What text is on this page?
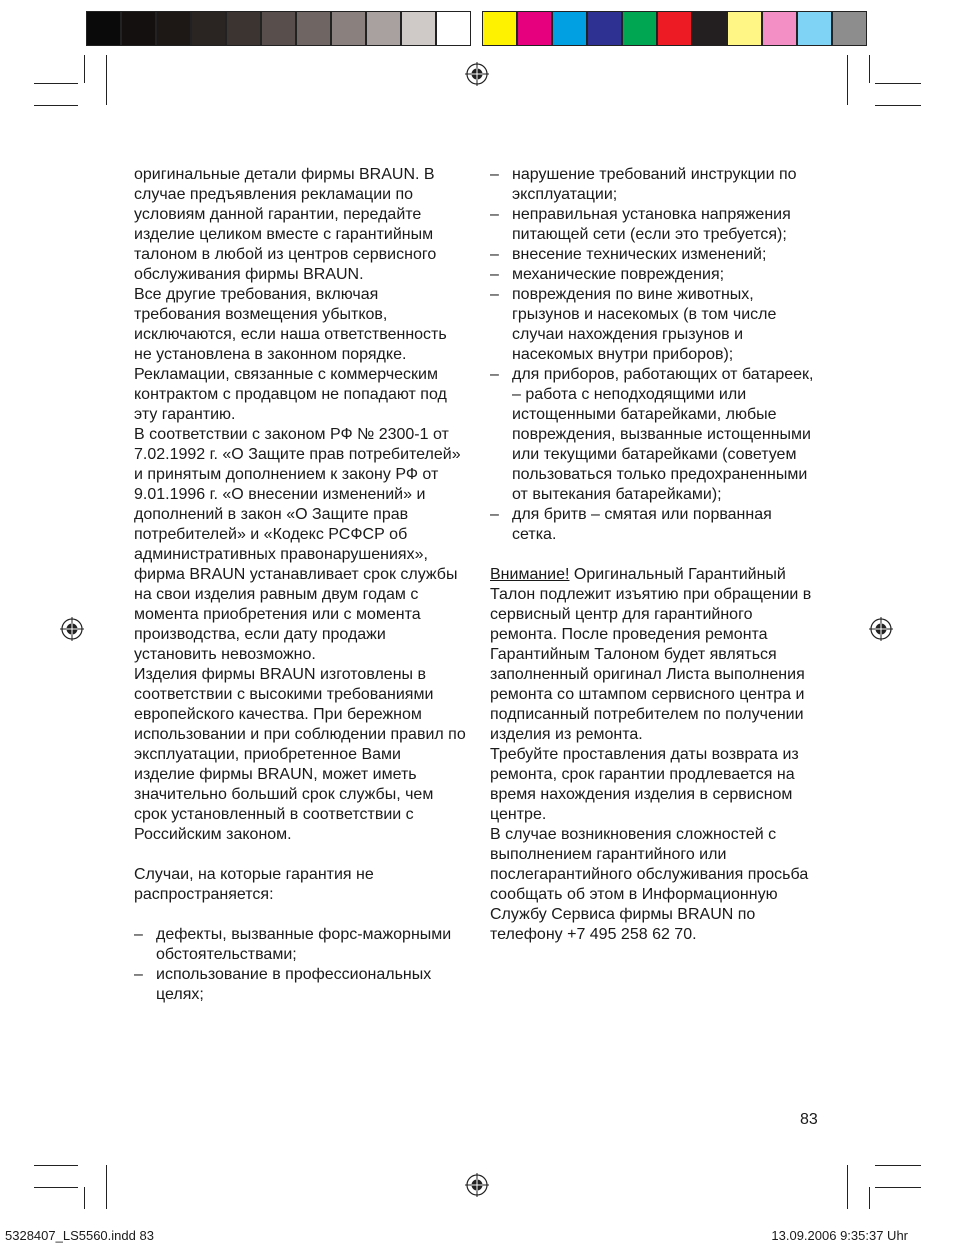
оригинальные детали фирмы BRAUN. В случае предъявления рекламации по условиям данной гарантии, передайте изделие целиком вместе с гарантийным талоном в любой из центров сервисного обслуживания фирмы BRAUN.

Все другие требования, включая требования возмещения убытков, исключаются, если наша ответственность не установлена в законном порядке.

Рекламации, связанные с коммерческим контрактом с продавцом не попадают под эту гарантию.

В соответствии с законом РФ № 2300-1 от 7.02.1992 г. «О Защите прав потребителей» и принятым дополнением к закону РФ от 9.01.1996 г. «О внесении изменений» и дополнений в закон «О Защите прав потребителей» и «Кодекс РСФСР об административных правонарушениях», фирма BRAUN устанавливает срок службы на свои изделия равным двум годам с момента приобретения или с момента производства, если дату продажи установить невозможно.

Изделия фирмы BRAUN изготовлены в соответствии с высокими требованиями европейского качества. При бережном использовании и при соблюдении правил по эксплуатации, приобретенное Вами изделие фирмы BRAUN, может иметь значительно больший срок службы, чем срок установленный в соответствии с Российским законом.

Случаи, на которые гарантия не распространяется:

– дефекты, вызванные форс-мажорными обстоятельствами;
– использование в профессиональных целях;
– нарушение требований инструкции по эксплуатации;
– неправильная установка напряжения питающей сети (если это требуется);
– внесение технических изменений;
– механические повреждения;
– повреждения по вине животных, грызунов и насекомых (в том числе случаи нахождения грызунов и насекомых внутри приборов);
– для приборов, работающих от батареек, – работа с неподходящими или истощенными батарейками, любые повреждения, вызванные истощенными или текущими батарейками (советуем пользоваться только предохраненными от вытекания батарейками);
– для бритв – смятая или порванная сетка.

Внимание! Оригинальный Гарантийный Талон подлежит изъятию при обращении в сервисный центр для гарантийного ремонта. После проведения ремонта Гарантийным Талоном будет являться заполненный оригинал Листа выполнения ремонта со штампом сервисного центра и подписанный потребителем по получении изделия из ремонта.

Требуйте проставления даты возврата из ремонта, срок гарантии продлевается на время нахождения изделия в сервисном центре.

В случае возникновения сложностей с выполнением гарантийного или послегарантийного обслуживания просьба сообщать об этом в Информационную Службу Сервиса фирмы BRAUN по телефону +7 495 258 62 70.

83
5328407_LS5560.indd 83	13.09.2006 9:35:37 Uhr
